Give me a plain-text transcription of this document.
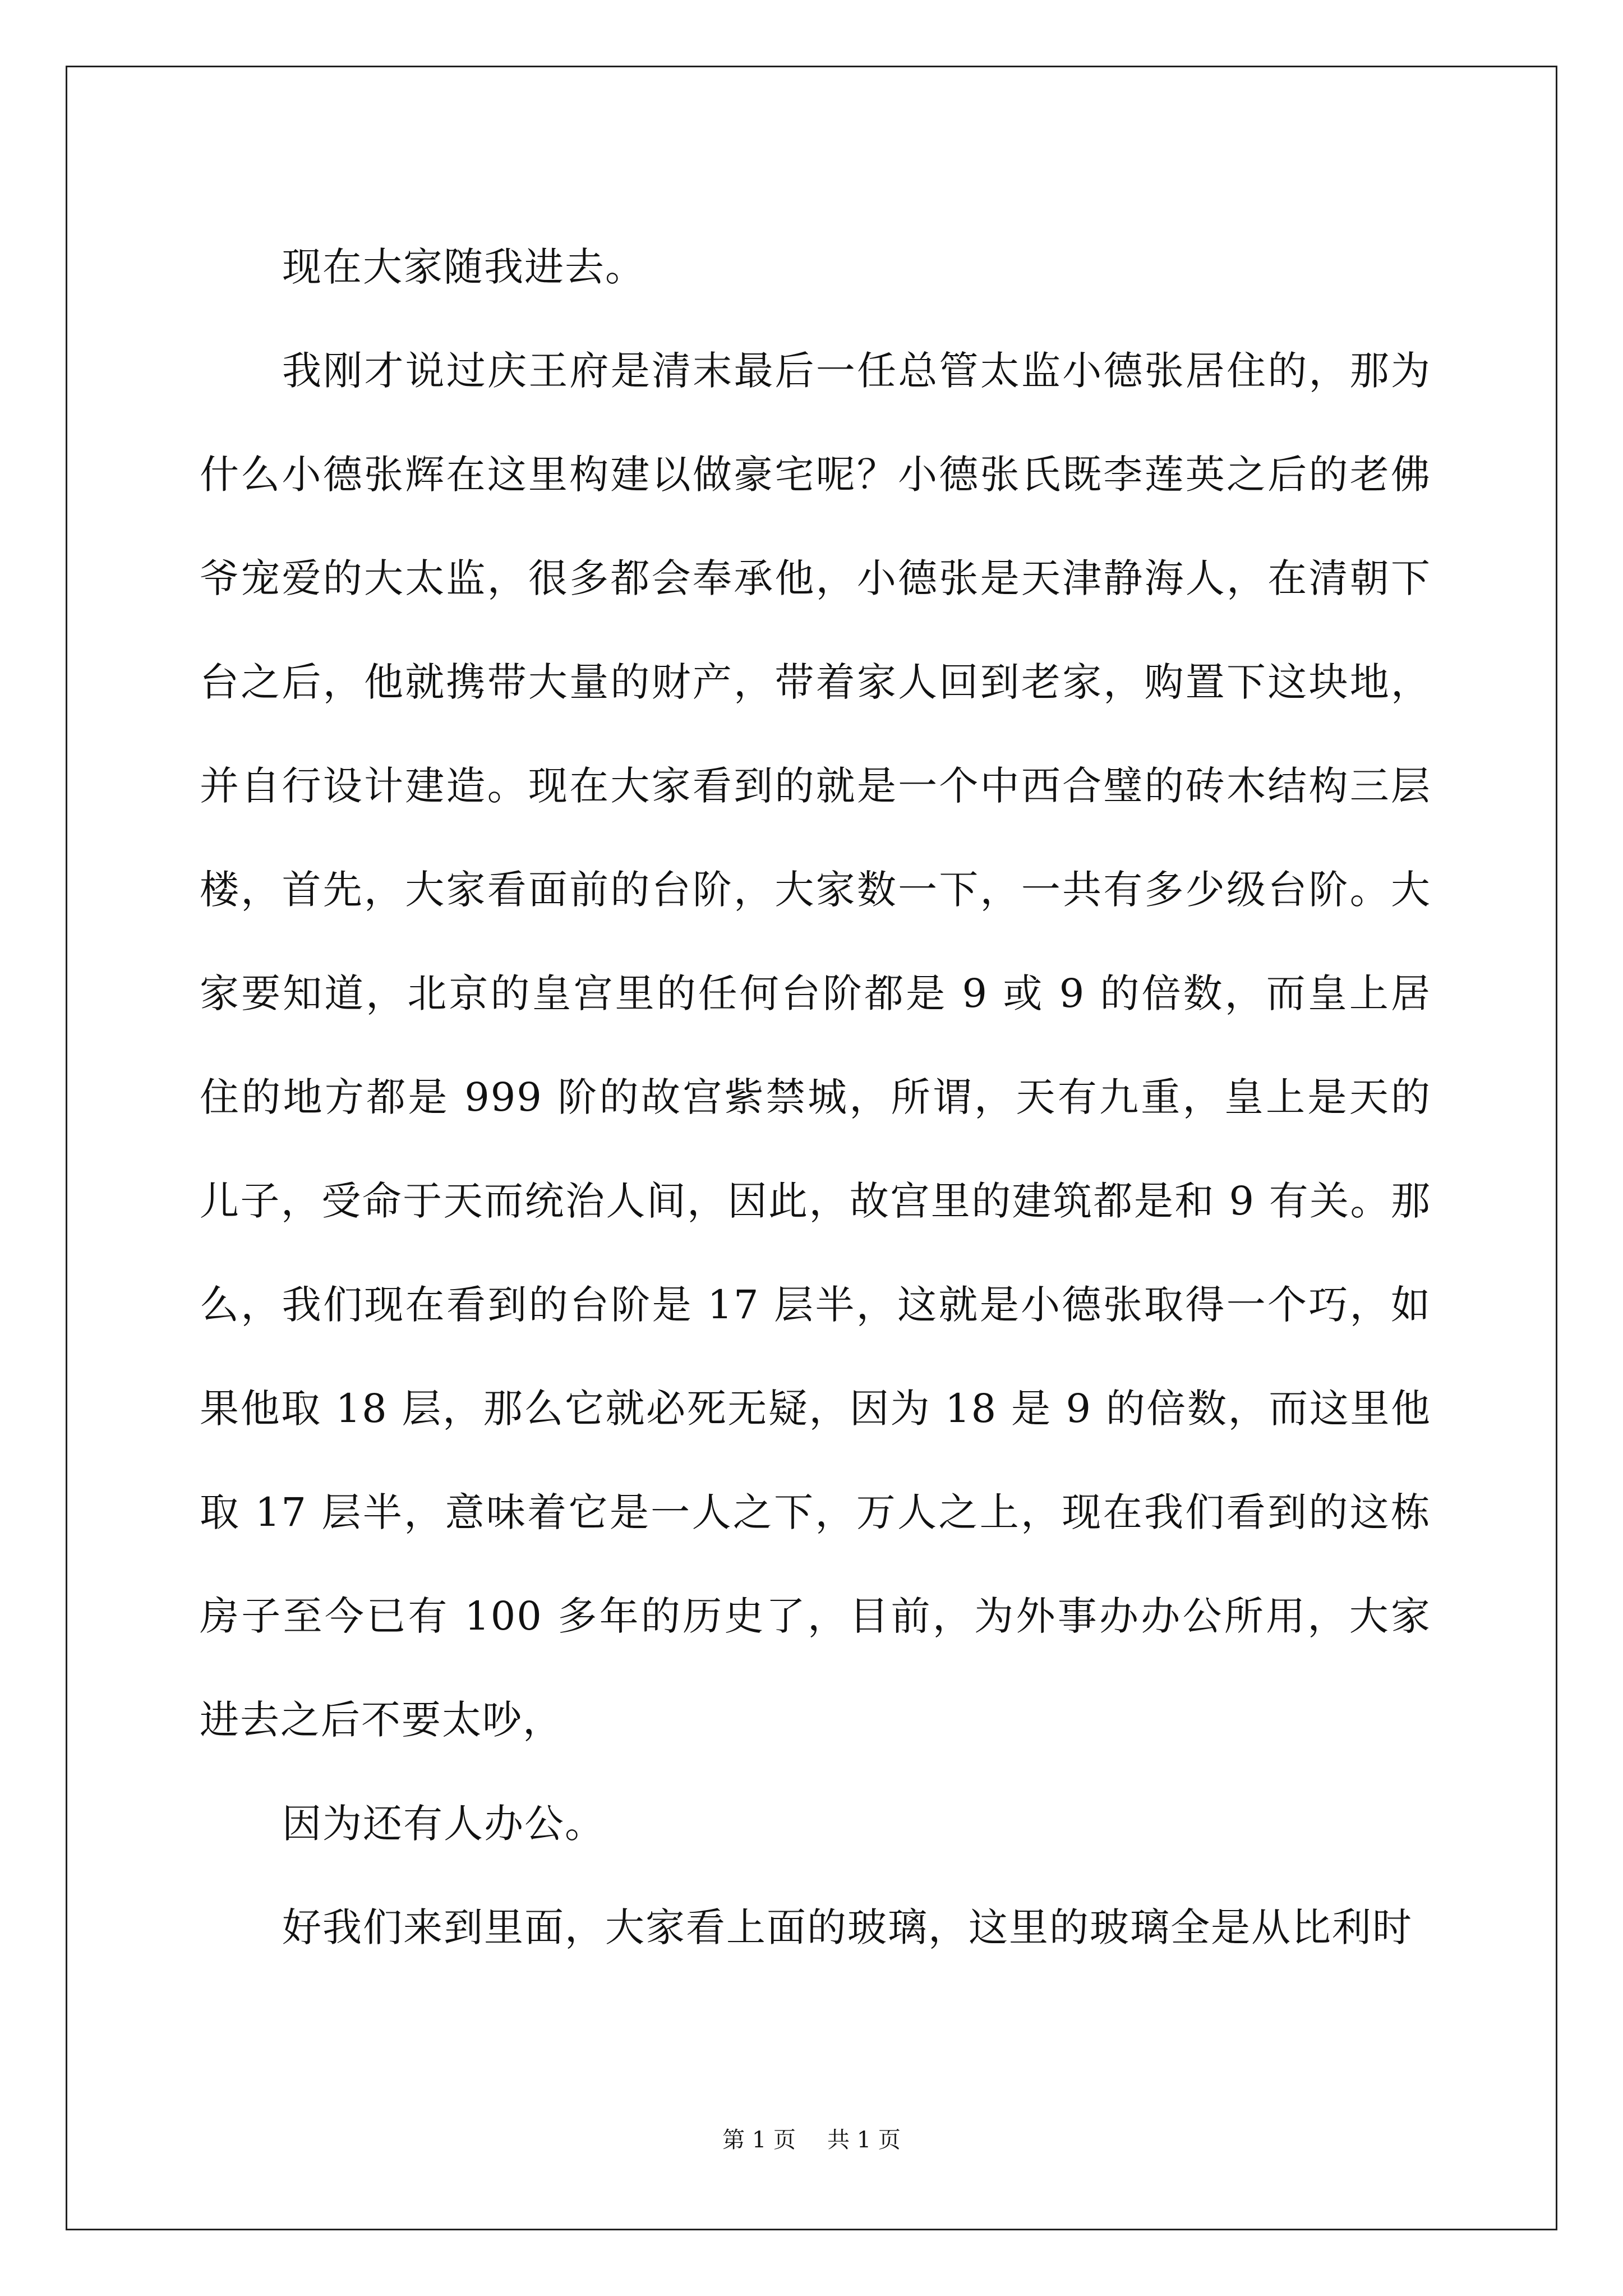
现在大家随我进去。

我刚才说过庆王府是清末最后一任总管太监小德张居住的，那为什么小德张辉在这里构建以做豪宅呢？小德张氏既李莲英之后的老佛爷宠爱的大太监，很多都会奉承他，小德张是天津静海人，在清朝下台之后，他就携带大量的财产，带着家人回到老家，购置下这块地，并自行设计建造。现在大家看到的就是一个中西合璧的砖木结构三层楼，首先，大家看面前的台阶，大家数一下，一共有多少级台阶。大家要知道，北京的皇宫里的任何台阶都是 9 或 9 的倍数，而皇上居住的地方都是 999 阶的故宫紫禁城，所谓，天有九重，皇上是天的儿子，受命于天而统治人间，因此，故宫里的建筑都是和 9 有关。那么，我们现在看到的台阶是 17 层半，这就是小德张取得一个巧，如果他取 18 层，那么它就必死无疑，因为 18 是 9 的倍数，而这里他取 17 层半，意味着它是一人之下，万人之上，现在我们看到的这栋房子至今已有 100 多年的历史了，目前，为外事办办公所用，大家进去之后不要太吵，

因为还有人办公。

好我们来到里面，大家看上面的玻璃，这里的玻璃全是从比利时

第 1 页 共 1 页
